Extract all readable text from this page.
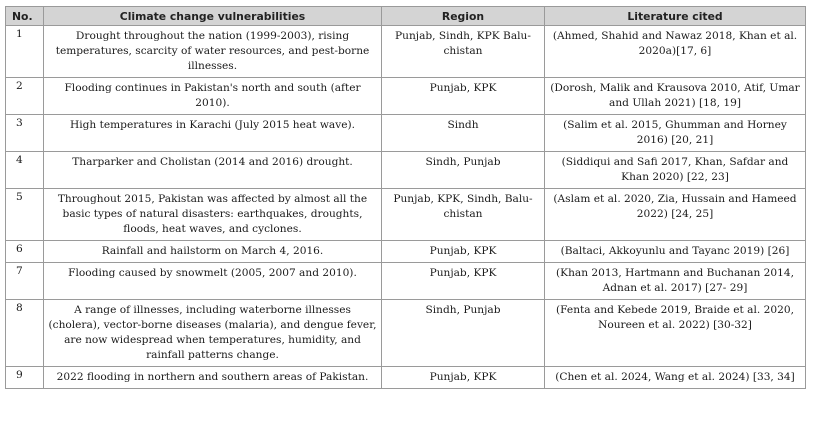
No.	Climate change vulnerabilities	Region	Literature cited
1	Drought throughout the nation (1999-2003), rising temperatures, scarcity of water resources, and pest-borne illnesses.	Punjab, Sindh, KPK Balu-chistan	(Ahmed, Shahid and Nawaz 2018, Khan et al. 2020a)[17, 6]
2	Flooding continues in Pakistan's north and south (after 2010).	Punjab, KPK	(Dorosh, Malik and Krausova 2010, Atif, Umar and Ullah 2021) [18, 19]
3	High temperatures in Karachi (July 2015 heat wave).	Sindh	(Salim et al. 2015, Ghumman and Horney 2016) [20, 21]
4	Tharparker and Cholistan (2014 and 2016) drought.	Sindh, Punjab	(Siddiqui and Safi 2017, Khan, Safdar and Khan 2020) [22, 23]
5	Throughout 2015, Pakistan was affected by almost all the basic types of natural disasters: earthquakes, droughts, floods, heat waves, and cyclones.	Punjab, KPK, Sindh, Balu-chistan	(Aslam et al. 2020, Zia, Hussain and Hameed 2022) [24, 25]
6	Rainfall and hailstorm on March 4, 2016.	Punjab, KPK	(Baltaci, Akkoyunlu and Tayanc 2019) [26]
7	Flooding caused by snowmelt (2005, 2007 and 2010).	Punjab, KPK	(Khan 2013, Hartmann and Buchanan 2014, Adnan et al. 2017) [27- 29]
8	A range of illnesses, including waterborne illnesses (cholera), vector-borne diseases (malaria), and dengue fever, are now widespread when temperatures, humidity, and rainfall patterns change.	Sindh, Punjab	(Fenta and Kebede 2019, Braide et al. 2020, Noureen et al. 2022) [30-32]
9	2022 flooding in northern and southern areas of Pakistan.	Punjab, KPK	(Chen et al. 2024, Wang et al. 2024) [33, 34]
